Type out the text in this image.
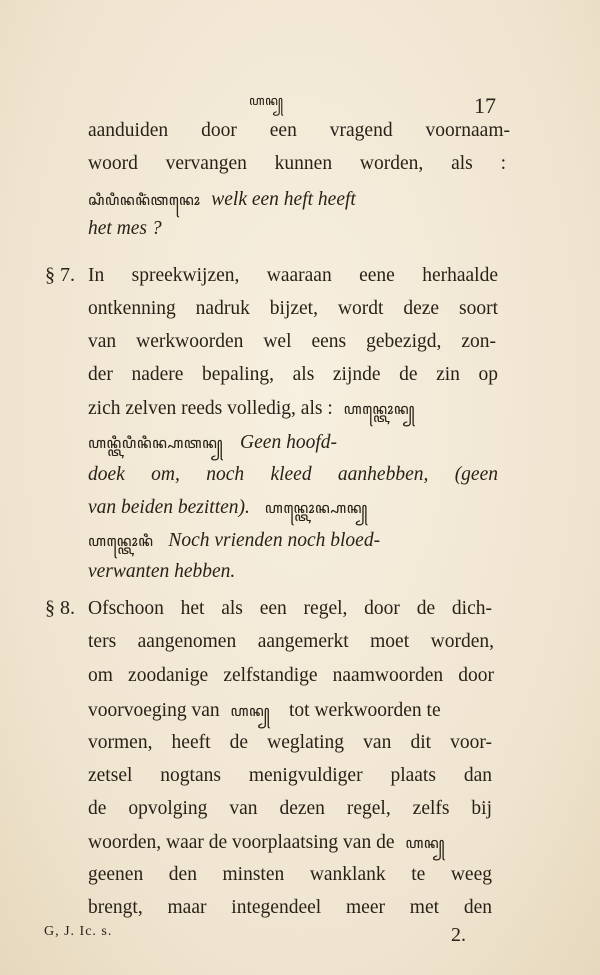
ꦲꦤ꧀	17
aanduiden door een vragend voornaam-
woord vervangen kunnen worden, als :
ꦱꦶꦥꦶꦤꦤꦶꦁꦠꦤꦺꦴ welk een heft heeft
het mes ?
§ 7. In spreekwijzen, waaraan eene herhaalde
ontkenning nadruk bijzet, wordt deze soort
van werkwoorden wel eens gebezigd, zon-
der nadere bepaling, als zijnde de zin op
zich zelven reeds volledig, als : ꦲꦤ꧀ꦠꦺꦴꦤ꧀
ꦲꦤ꧀ꦠꦶꦥꦶꦤꦶꦤ꧀ꦲꦠꦤ꧀ Geen hoofd-
doek om, noch kleed aanhebben, (geen
van beiden bezitten). ꦲꦤ꧀ꦠꦺꦴꦤ꧀ꦲꦤ꧀
ꦲꦤ꧀ꦠꦺꦴꦤꦶ Noch vrienden noch bloed-
verwanten hebben.
§ 8. Ofschoon het als een regel, door de dich-
ters aangenomen aangemerkt moet worden,
om zoodanige zelfstandige naamwoorden door
voorvoeging van ꦲꦤ꧀ tot werkwoorden te
vormen, heeft de weglating van dit voor-
zetsel nogtans menigvuldiger plaats dan
de opvolging van dezen regel, zelfs bij
woorden, waar de voorplaatsing van de ꦲꦤ꧀
geenen den minsten wanklank te weeg
brengt, maar integendeel meer met den
G, J. Ic. s.	2.
